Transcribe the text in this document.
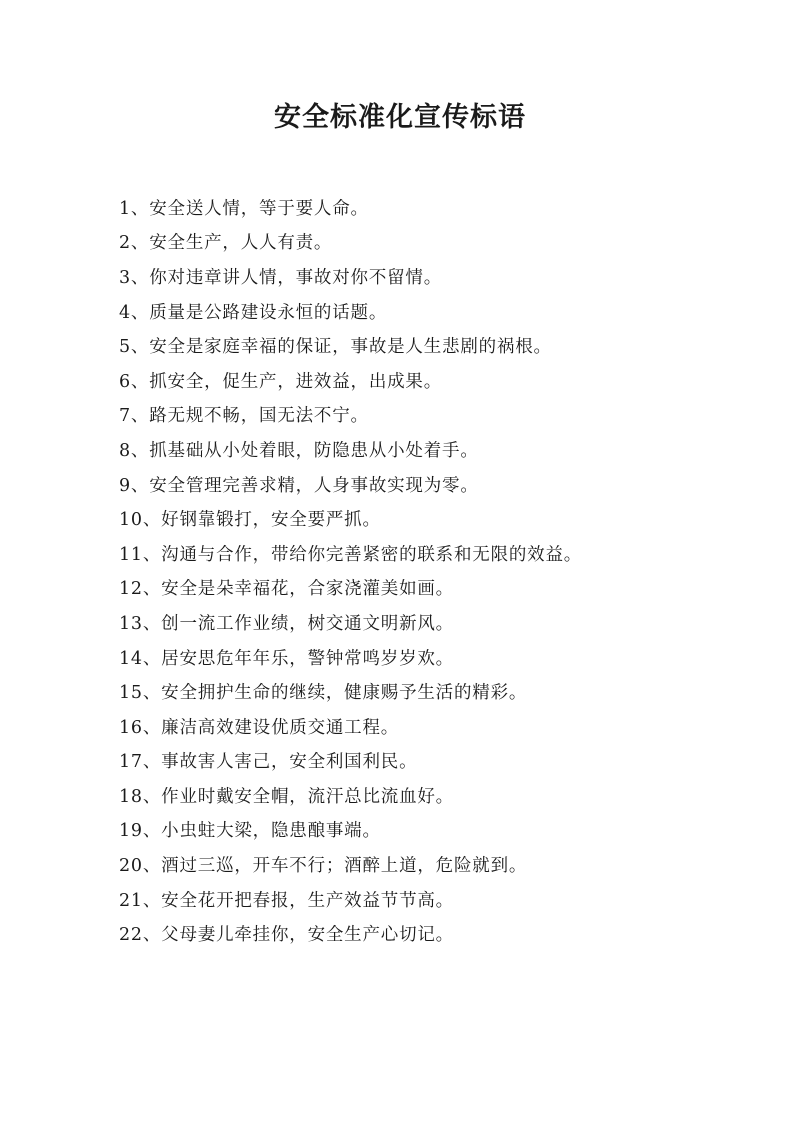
安全标准化宣传标语
1、 安全送人情，等于要人命。
2、 安全生产，人人有责。
3、 你对违章讲人情，事故对你不留情。
4、 质量是公路建设永恒的话题。
5、 安全是家庭幸福的保证，事故是人生悲剧的祸根。
6、 抓安全，促生产，进效益，出成果。
7、 路无规不畅，国无法不宁。
8、 抓基础从小处着眼，防隐患从小处着手。
9、 安全管理完善求精，人身事故实现为零。
10、 好钢靠锻打，安全要严抓。
11、 沟通与合作，带给你完善紧密的联系和无限的效益。
12、 安全是朵幸福花，合家浇灌美如画。
13、 创一流工作业绩，树交通文明新风。
14、 居安思危年年乐，警钟常鸣岁岁欢。
15、 安全拥护生命的继续，健康赐予生活的精彩。
16、 廉洁高效建设优质交通工程。
17、 事故害人害己，安全利国利民。
18、 作业时戴安全帽，流汗总比流血好。
19、 小虫蛀大梁，隐患酿事端。
20、 酒过三巡，开车不行；酒醉上道，危险就到。
21、 安全花开把春报，生产效益节节高。
22、 父母妻儿牵挂你，安全生产心切记。
